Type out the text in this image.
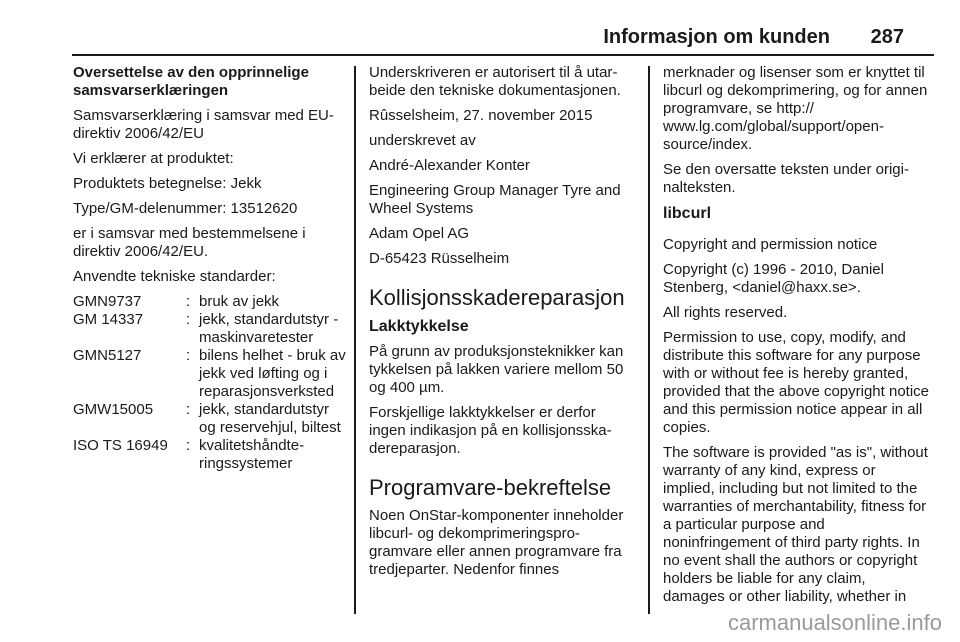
Informasjon om kunden 287

Oversettelse av den opprinnelige samsvarserklæringen

Samsvarserklæring i samsvar med EU-direktiv 2006/42/EU

Vi erklærer at produktet:

Produktets betegnelse: Jekk

Type/GM-delenummer: 13512620

er i samsvar med bestemmelsene i direktiv 2006/42/EU.

Anvendte tekniske standarder:

GMN9737	:	bruk av jekk
GM 14337	:	jekk, standardutstyr - maskinvaretester
GMN5127	:	bilens helhet - bruk av jekk ved løfting og i reparasjonsverksted
GMW15005	:	jekk, standardutstyr og reservehjul, biltest
ISO TS 16949	:	kvalitetshåndteringssystemer

Underskriveren er autorisert til å utarbeide den tekniske dokumentasjonen.

Rûsselsheim, 27. november 2015

underskrevet av

André-Alexander Konter

Engineering Group Manager Tyre and Wheel Systems

Adam Opel AG

D-65423 Rüsselheim

Kollisjonsskadereparasjon
Lakktykkelse

På grunn av produksjonsteknikker kan tykkelsen på lakken variere mellom 50 og 400 µm.

Forskjellige lakktykkelser er derfor ingen indikasjon på en kollisjonsskadereparasjon.

Programvare-bekreftelse

Noen OnStar-komponenter inneholder libcurl- og dekomprimeringsprogramvare eller annen programvare fra tredjeparter. Nedenfor finnes

merknader og lisenser som er knyttet til libcurl og dekomprimering, og for annen programvare, se http:// www.lg.com/global/support/opensource/index.

Se den oversatte teksten under originalteksten.

libcurl

Copyright and permission notice

Copyright (c) 1996 - 2010, Daniel Stenberg, <daniel@haxx.se>.

All rights reserved.

Permission to use, copy, modify, and distribute this software for any purpose with or without fee is hereby granted, provided that the above copyright notice and this permission notice appear in all copies.

The software is provided "as is", without warranty of any kind, express or implied, including but not limited to the warranties of merchantability, fitness for a particular purpose and noninfringement of third party rights. In no event shall the authors or copyright holders be liable for any claim, damages or other liability, whether in

carmanualsonline.info
